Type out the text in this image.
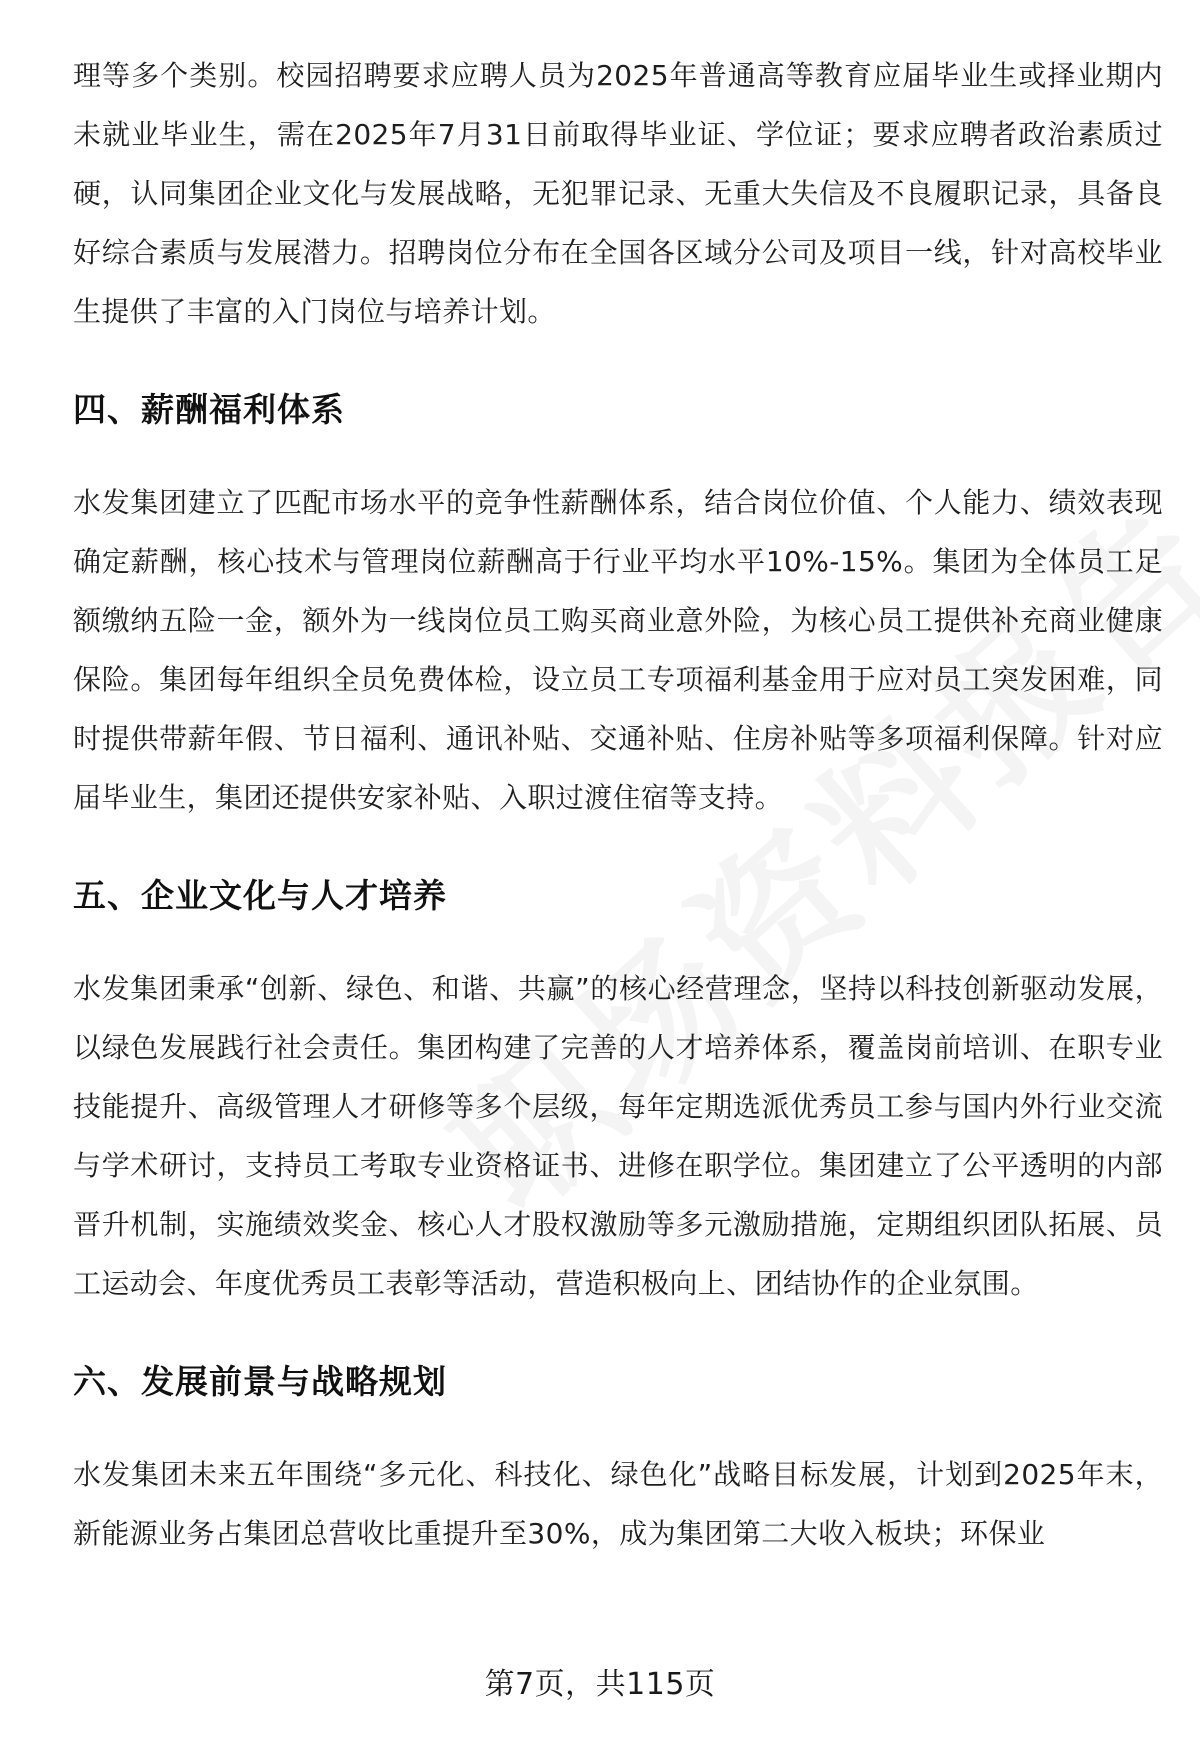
理等多个类别。校园招聘要求应聘人员为2025年普通高等教育应届毕业生或择业期内未就业毕业生，需在2025年7月31日前取得毕业证、学位证；要求应聘者政治素质过硬，认同集团企业文化与发展战略，无犯罪记录、无重大失信及不良履职记录，具备良好综合素质与发展潜力。招聘岗位分布在全国各区域分公司及项目一线，针对高校毕业生提供了丰富的入门岗位与培养计划。

四、薪酬福利体系

水发集团建立了匹配市场水平的竞争性薪酬体系，结合岗位价值、个人能力、绩效表现确定薪酬，核心技术与管理岗位薪酬高于行业平均水平10%-15%。集团为全体员工足额缴纳五险一金，额外为一线岗位员工购买商业意外险，为核心员工提供补充商业健康保险。集团每年组织全员免费体检，设立员工专项福利基金用于应对员工突发困难，同时提供带薪年假、节日福利、通讯补贴、交通补贴、住房补贴等多项福利保障。针对应届毕业生，集团还提供安家补贴、入职过渡住宿等支持。

五、企业文化与人才培养

水发集团秉承“创新、绿色、和谐、共赢”的核心经营理念，坚持以科技创新驱动发展，以绿色发展践行社会责任。集团构建了完善的人才培养体系，覆盖岗前培训、在职专业技能提升、高级管理人才研修等多个层级，每年定期选派优秀员工参与国内外行业交流与学术研讨，支持员工考取专业资格证书、进修在职学位。集团建立了公平透明的内部晋升机制，实施绩效奖金、核心人才股权激励等多元激励措施，定期组织团队拓展、员工运动会、年度优秀员工表彰等活动，营造积极向上、团结协作的企业氛围。

六、发展前景与战略规划

水发集团未来五年围绕“多元化、科技化、绿色化”战略目标发展，计划到2025年末，新能源业务占集团总营收比重提升至30%，成为集团第二大收入板块；环保业

第7页，共115页
